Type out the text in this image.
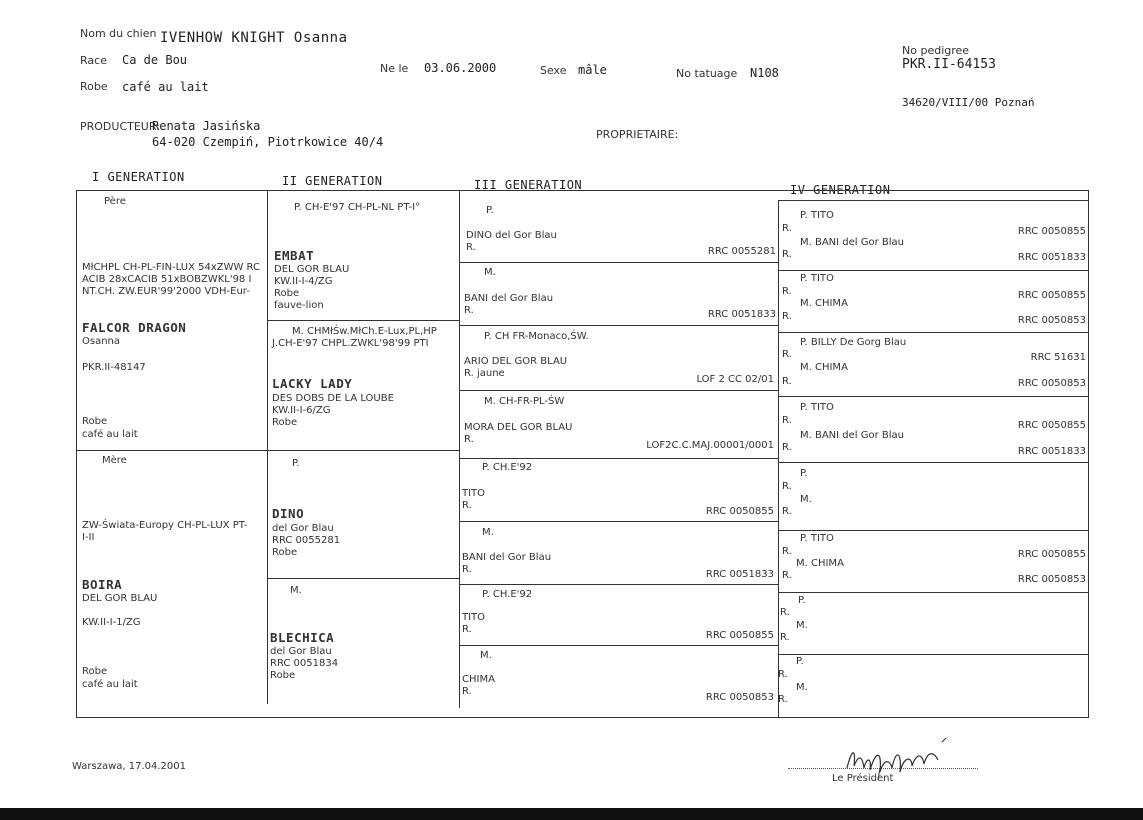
Nom du chien IVENHOW KNIGHT Osanna
Race Ca de Bou
Robe café au lait
Ne le 03.06.2000	Sexe mâle	No tatuage N108
No pedigree
PKR.II-64153
34620/VIII/00 Poznań
PRODUCTEUR:
Renata Jasińska
64-020 Czempiń, Piotrkowice 40/4
PROPRIETAIRE:
I GENERATION	II GENERATION	III GENERATION	IV GENERATION
Père
MłCHPL CH-PL-FIN-LUX 54xZWW RC
ACIB 28xCACIB 51xBOBZWKL'98 I
NT.CH. ZW.EUR'99'2000 VDH-Eur-
FALCOR DRAGON
Osanna
PKR.II-48147
Robe
café au lait
Mère
ZW-Świata-Europy CH-PL-LUX PT-
I-II
BOIRA
DEL GOR BLAU
KW.II-I-1/ZG
Robe
café au lait
P. CH-E'97 CH-PL-NL PT-I°
EMBAT
DEL GOR BLAU
KW.II-I-4/ZG
Robe
fauve-lion
M. CHMłŚw.MłCh.E-Lux,PL,HP
J.CH-E'97 CHPL.ZWKL'98'99 PTI
LACKY LADY
DES DOBS DE LA LOUBE
KW.II-I-6/ZG
Robe
P.
DINO
del Gor Blau
RRC 0055281
Robe
M.
BLECHICA
del Gor Blau
RRC 0051834
Robe
P.
DINO del Gor Blau
R.	RRC 0055281
M.
BANI del Gor Blau
R.	RRC 0051833
P. CH FR-Monaco,ŚW.
ARIO DEL GOR BLAU
R. jaune
LOF 2 CC 02/01
M. CH-FR-PL-ŚW
MORA DEL GOR BLAU
R.
LOF2C.C.MAJ.00001/0001
P. CH.E'92
TITO
R.
RRC 0050855
M.
BANI del Gor Blau
R.	RRC 0051833
P. CH.E'92
TITO
R.
RRC 0050855
M.
CHIMA
R.
RRC 0050853
P. TITO
R.	RRC 0050855
M. BANI del Gor Blau
R.	RRC 0051833
P. TITO
R.	RRC 0050855
M. CHIMA
R.	RRC 0050853
P. BILLY De Gorg Blau
R.	RRC 51631
M. CHIMA
R.	RRC 0050853
P. TITO
R.	RRC 0050855
M. BANI del Gor Blau
R.	RRC 0051833
P.
R.
M.
R.
P. TITO
R.	RRC 0050855
M. CHIMA
R.	RRC 0050853
P.
R.
M.
R.
P.
R.
M.
R.
Warszawa, 17.04.2001
Le Président
